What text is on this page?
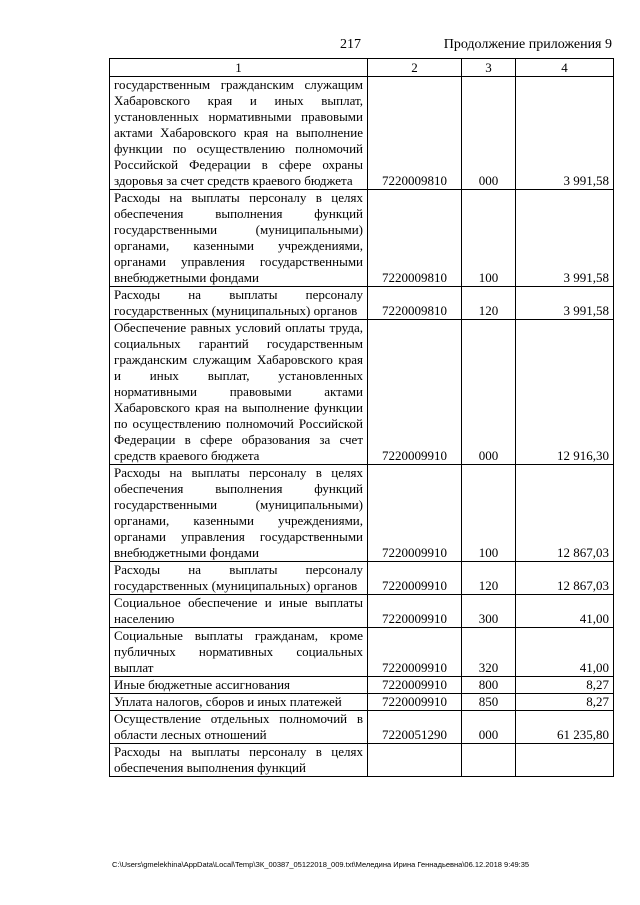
217	Продолжение приложения 9
1	2	3	4
государственным гражданским служащим Хабаровского края и иных выплат, установленных нормативными правовыми актами Хабаровского края на выполнение функции по осуществлению полномочий Российской Федерации в сфере охраны здоровья за счет средств краевого бюджета	7220009810	000	3 991,58
Расходы на выплаты персоналу в целях обеспечения выполнения функций государственными (муниципальными) органами, казенными учреждениями, органами управления государственными внебюджетными фондами	7220009810	100	3 991,58
Расходы на выплаты персоналу государственных (муниципальных) органов	7220009810	120	3 991,58
Обеспечение равных условий оплаты труда, социальных гарантий государственным гражданским служащим Хабаровского края и иных выплат, установленных нормативными правовыми актами Хабаровского края на выполнение функции по осуществлению полномочий Российской Федерации в сфере образования за счет средств краевого бюджета	7220009910	000	12 916,30
Расходы на выплаты персоналу в целях обеспечения выполнения функций государственными (муниципальными) органами, казенными учреждениями, органами управления государственными внебюджетными фондами	7220009910	100	12 867,03
Расходы на выплаты персоналу государственных (муниципальных) органов	7220009910	120	12 867,03
Социальное обеспечение и иные выплаты населению	7220009910	300	41,00
Социальные выплаты гражданам, кроме публичных нормативных социальных выплат	7220009910	320	41,00
Иные бюджетные ассигнования	7220009910	800	8,27
Уплата налогов, сборов и иных платежей	7220009910	850	8,27
Осуществление отдельных полномочий в области лесных отношений	7220051290	000	61 235,80
Расходы на выплаты персоналу в целях обеспечения выполнения функций			
C:\Users\gmelekhina\AppData\Local\Temp\ЗК_00387_05122018_009.txt\Меледина Ирина Геннадьевна\06.12.2018 9:49:35
